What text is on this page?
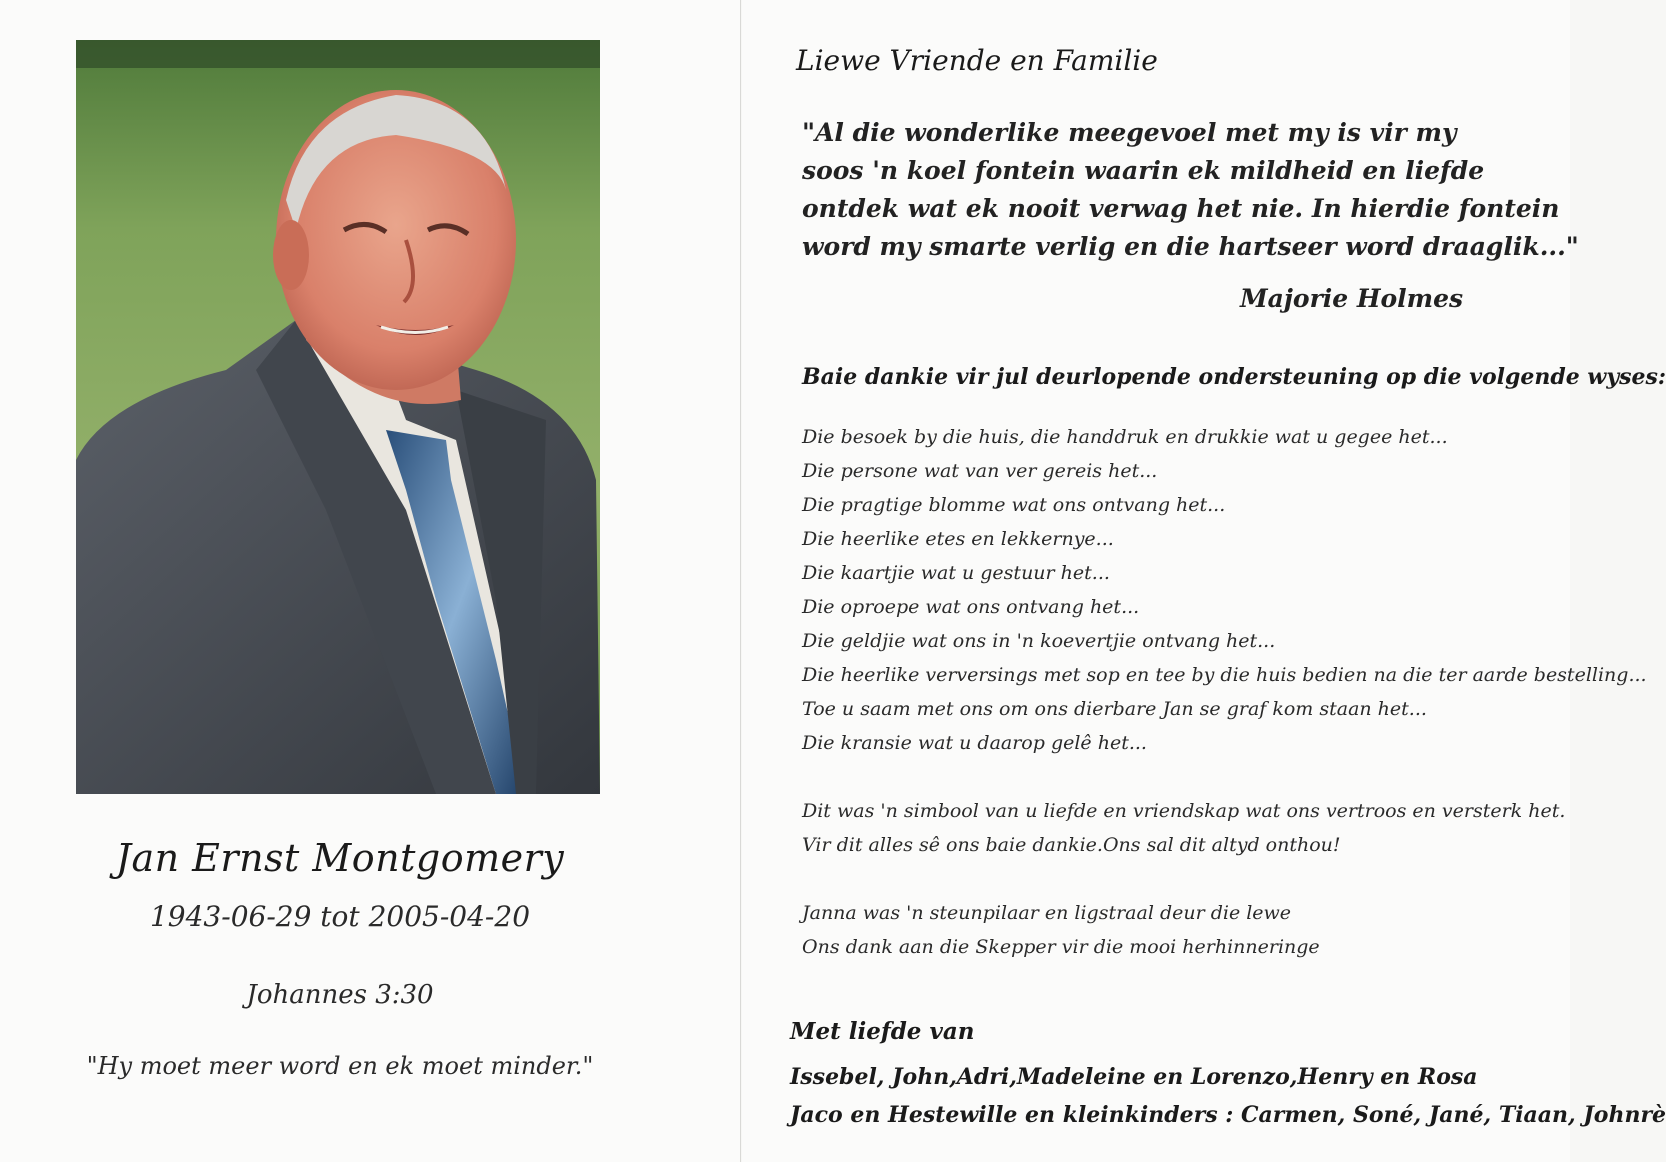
Jan Ernst Montgomery
1943-06-29 tot 2005-04-20
Johannes 3:30
"Hy moet meer word en ek moet minder."
Liewe Vriende en Familie
"Al die wonderlike meegevoel met my is vir my
soos 'n koel fontein waarin ek mildheid en liefde
ontdek wat ek nooit verwag het nie. In hierdie fontein
word my smarte verlig en die hartseer word draaglik..."
Majorie Holmes
Baie dankie vir jul deurlopende ondersteuning op die volgende wyses:
Die besoek by die huis, die handdruk en drukkie wat u gegee het...
Die persone wat van ver gereis het...
Die pragtige blomme wat ons ontvang het...
Die heerlike etes en lekkernye...
Die kaartjie wat u gestuur het...
Die oproepe wat ons ontvang het...
Die geldjie wat ons in 'n koevertjie ontvang het...
Die heerlike verversings met sop en tee by die huis bedien na die ter aarde bestelling...
Toe u saam met ons om ons dierbare Jan se graf kom staan het...
Die kransie wat u daarop gelê het...
Dit was 'n simbool van u liefde en vriendskap wat ons vertroos en versterk het.
Vir dit alles sê ons baie dankie.Ons sal dit altyd onthou!
Janna was 'n steunpilaar en ligstraal deur die lewe
Ons dank aan die Skepper vir die mooi herhinneringe
Met liefde van
Issebel, John,Adri,Madeleine en Lorenzo,Henry en Rosa
Jaco en Hestewille en kleinkinders : Carmen, Soné, Jané, Tiaan, Johnrè
